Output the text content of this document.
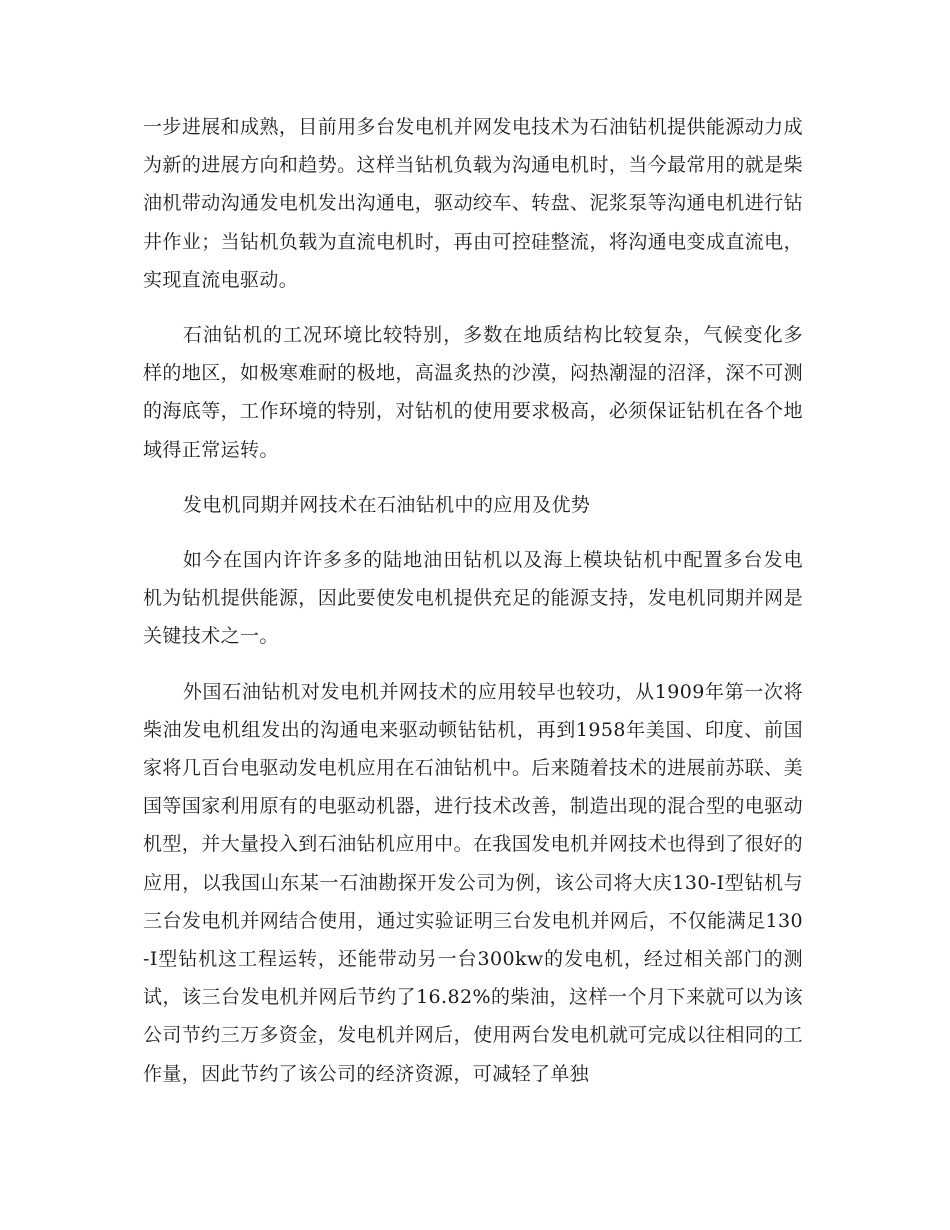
一步进展和成熟，目前用多台发电机并网发电技术为石油钻机提供能源动力成为新的进展方向和趋势。这样当钻机负载为沟通电机时，当今最常用的就是柴油机带动沟通发电机发出沟通电，驱动绞车、转盘、泥浆泵等沟通电机进行钻井作业；当钻机负载为直流电机时，再由可控硅整流，将沟通电变成直流电，实现直流电驱动。

石油钻机的工况环境比较特别，多数在地质结构比较复杂，气候变化多样的地区，如极寒难耐的极地，高温炙热的沙漠，闷热潮湿的沼泽，深不可测的海底等，工作环境的特别，对钻机的使用要求极高，必须保证钻机在各个地域得正常运转。

发电机同期并网技术在石油钻机中的应用及优势

如今在国内许许多多的陆地油田钻机以及海上模块钻机中配置多台发电机为钻机提供能源，因此要使发电机提供充足的能源支持，发电机同期并网是关键技术之一。

外国石油钻机对发电机并网技术的应用较早也较功，从1909年第一次将柴油发电机组发出的沟通电来驱动顿钻钻机，再到1958年美国、印度、前国家将几百台电驱动发电机应用在石油钻机中。后来随着技术的进展前苏联、美国等国家利用原有的电驱动机器，进行技术改善，制造出现的混合型的电驱动机型，并大量投入到石油钻机应用中。在我国发电机并网技术也得到了很好的应用，以我国山东某一石油勘探开发公司为例，该公司将大庆130-I型钻机与三台发电机并网结合使用，通过实验证明三台发电机并网后，不仅能满足130-I型钻机这工程运转，还能带动另一台300kw的发电机，经过相关部门的测试，该三台发电机并网后节约了16.82%的柴油，这样一个月下来就可以为该公司节约三万多资金，发电机并网后，使用两台发电机就可完成以往相同的工作量，因此节约了该公司的经济资源，可减轻了单独
